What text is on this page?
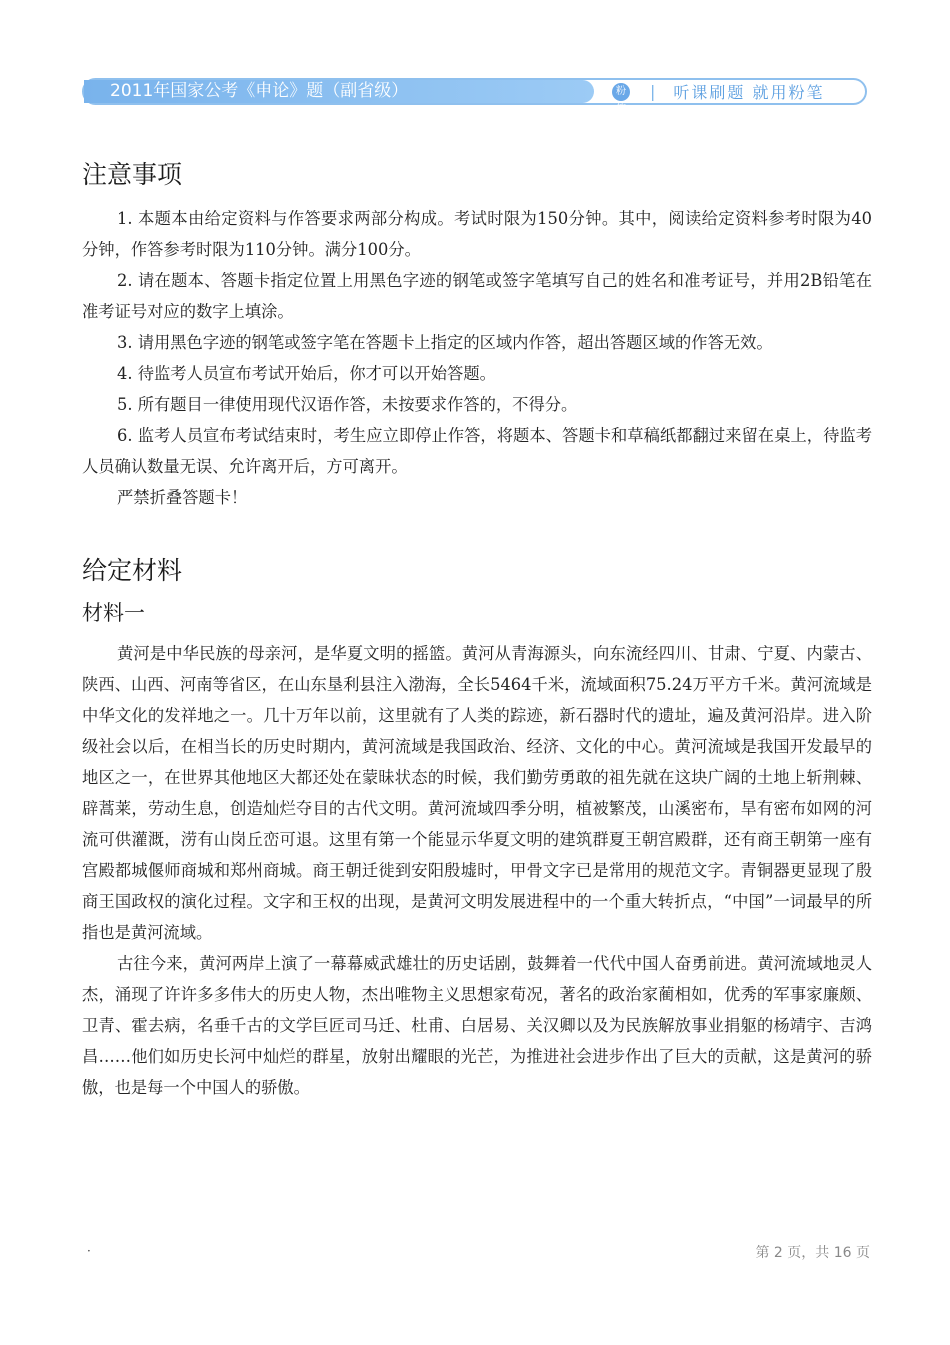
2011年国家公考《申论》题（副省级）	粉笔
| 听课刷题 就用粉笔
注意事项

1. 本题本由给定资料与作答要求两部分构成。考试时限为150分钟。其中，阅读给定资料参考时限为40分钟，作答参考时限为110分钟。满分100分。

2. 请在题本、答题卡指定位置上用黑色字迹的钢笔或签字笔填写自己的姓名和准考证号，并用2B铅笔在准考证号对应的数字上填涂。

3. 请用黑色字迹的钢笔或签字笔在答题卡上指定的区域内作答，超出答题区域的作答无效。

4. 待监考人员宣布考试开始后，你才可以开始答题。

5. 所有题目一律使用现代汉语作答，未按要求作答的，不得分。

6. 监考人员宣布考试结束时，考生应立即停止作答，将题本、答题卡和草稿纸都翻过来留在桌上，待监考人员确认数量无误、允许离开后，方可离开。

严禁折叠答题卡！

给定材料
材料一

黄河是中华民族的母亲河，是华夏文明的摇篮。黄河从青海源头，向东流经四川、甘肃、宁夏、内蒙古、陕西、山西、河南等省区，在山东垦利县注入渤海，全长5464千米，流域面积75.24万平方千米。黄河流域是中华文化的发祥地之一。几十万年以前，这里就有了人类的踪迹，新石器时代的遗址，遍及黄河沿岸。进入阶级社会以后，在相当长的历史时期内，黄河流域是我国政治、经济、文化的中心。黄河流域是我国开发最早的地区之一，在世界其他地区大都还处在蒙昧状态的时候，我们勤劳勇敢的祖先就在这块广阔的土地上斩荆棘、辟蒿莱，劳动生息，创造灿烂夺目的古代文明。黄河流域四季分明，植被繁茂，山溪密布，旱有密布如网的河流可供灌溉，涝有山岗丘峦可退。这里有第一个能显示华夏文明的建筑群夏王朝宫殿群，还有商王朝第一座有宫殿都城偃师商城和郑州商城。商王朝迁徙到安阳殷墟时，甲骨文字已是常用的规范文字。青铜器更显现了殷商王国政权的演化过程。文字和王权的出现，是黄河文明发展进程中的一个重大转折点，“中国”一词最早的所指也是黄河流域。

古往今来，黄河两岸上演了一幕幕威武雄壮的历史话剧，鼓舞着一代代中国人奋勇前进。黄河流域地灵人杰，涌现了许许多多伟大的历史人物，杰出唯物主义思想家荀况，著名的政治家蔺相如，优秀的军事家廉颇、卫青、霍去病，名垂千古的文学巨匠司马迁、杜甫、白居易、关汉卿以及为民族解放事业捐躯的杨靖宇、吉鸿昌……他们如历史长河中灿烂的群星，放射出耀眼的光芒，为推进社会进步作出了巨大的贡献，这是黄河的骄傲，也是每一个中国人的骄傲。

·	第 2 页，共 16 页
